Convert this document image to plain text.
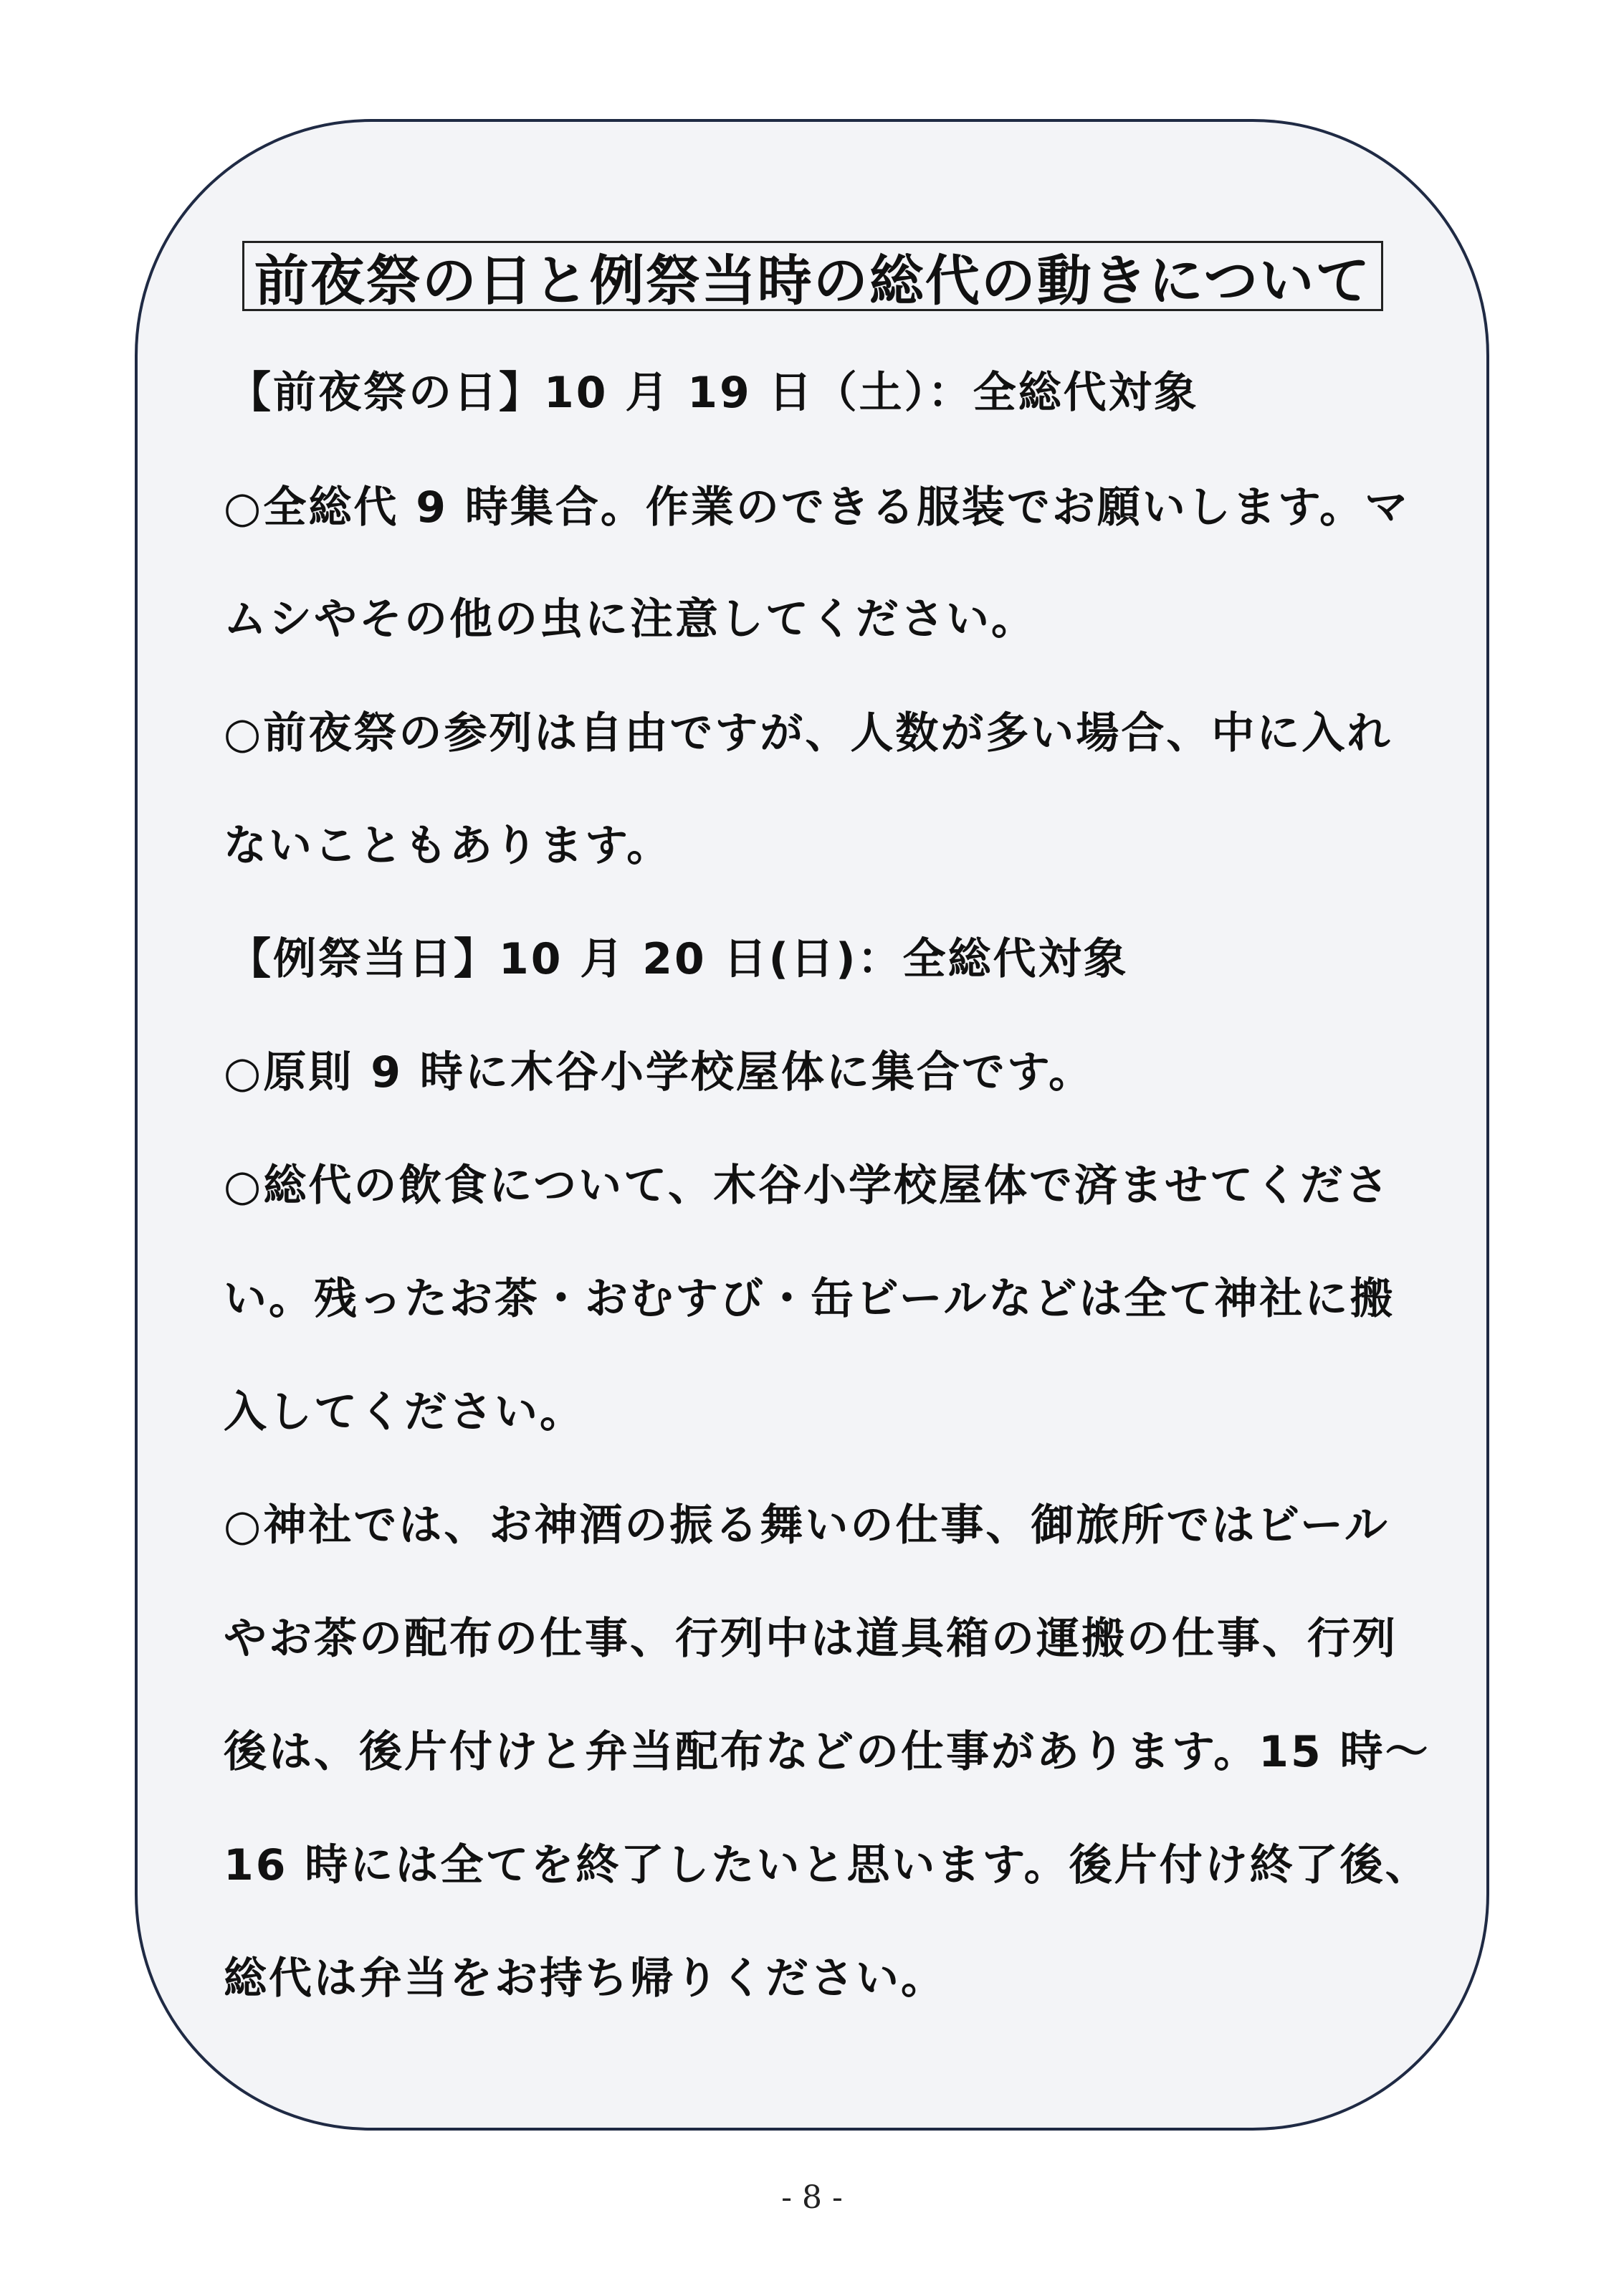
前夜祭の日と例祭当時の総代の動きについて
【前夜祭の日】10 月 19 日（土）：全総代対象
○全総代 9 時集合。作業のできる服装でお願いします。マ
ムシやその他の虫に注意してください。
○前夜祭の参列は自由ですが、人数が多い場合、中に入れ
ないこともあります。
【例祭当日】10 月 20 日(日)：全総代対象
○原則 9 時に木谷小学校屋体に集合です。
○総代の飲食について、木谷小学校屋体で済ませてくださ
い。残ったお茶・おむすび・缶ビールなどは全て神社に搬
入してください。
○神社では、お神酒の振る舞いの仕事、御旅所ではビール
やお茶の配布の仕事、行列中は道具箱の運搬の仕事、行列
後は、後片付けと弁当配布などの仕事があります。15 時～
16 時には全てを終了したいと思います。後片付け終了後、
総代は弁当をお持ち帰りください。
- 8 -
